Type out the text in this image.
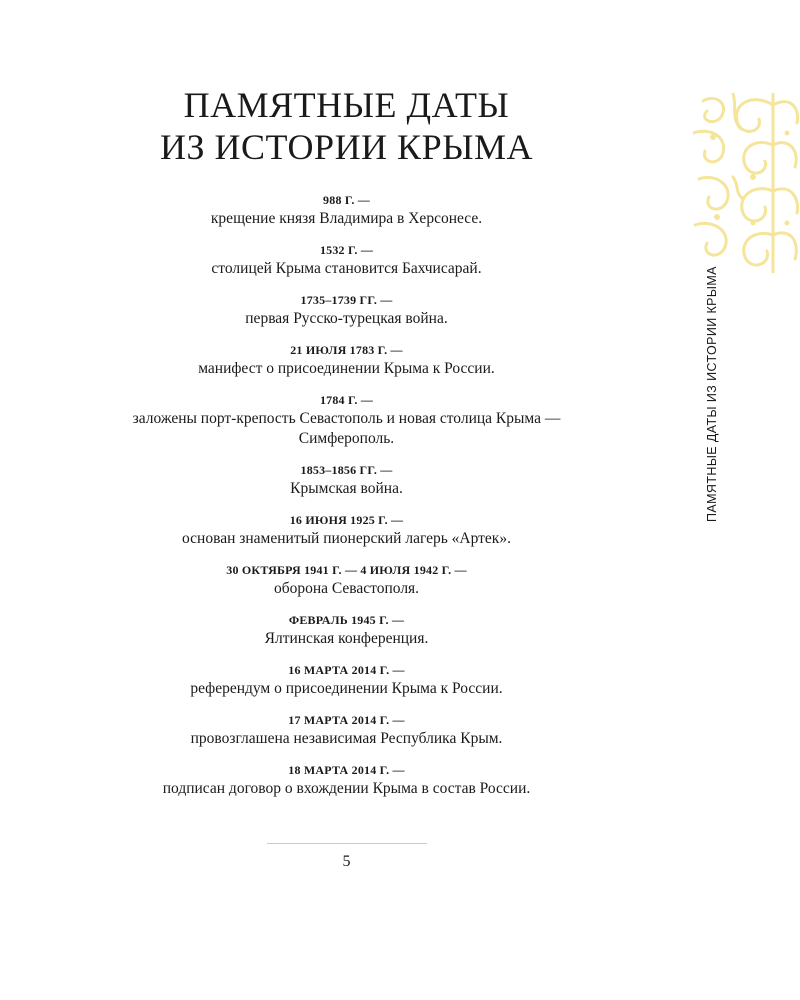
ПАМЯТНЫЕ ДАТЫ
ИЗ ИСТОРИИ КРЫМА
988 Г. —
крещение князя Владимира в Херсонесе.
1532 Г. —
столицей Крыма становится Бахчисарай.
1735–1739 ГГ. —
первая Русско-турецкая война.
21 ИЮЛЯ 1783 Г. —
манифест о присоединении Крыма к России.
1784 Г. —
заложены порт-крепость Севастополь и новая столица Крыма —
Симферополь.
1853–1856 ГГ. —
Крымская война.
16 ИЮНЯ 1925 Г. —
основан знаменитый пионерский лагерь «Артек».
30 ОКТЯБРЯ 1941 Г. — 4 ИЮЛЯ 1942 Г. —
оборона Севастополя.
ФЕВРАЛЬ 1945 Г. —
Ялтинская конференция.
16 МАРТА 2014 Г. —
референдум о присоединении Крыма к России.
17 МАРТА 2014 Г. —
провозглашена независимая Республика Крым.
18 МАРТА 2014 Г. —
подписан договор о вхождении Крыма в состав России.
5
ПАМЯТНЫЕ ДАТЫ ИЗ ИСТОРИИ КРЫМА
